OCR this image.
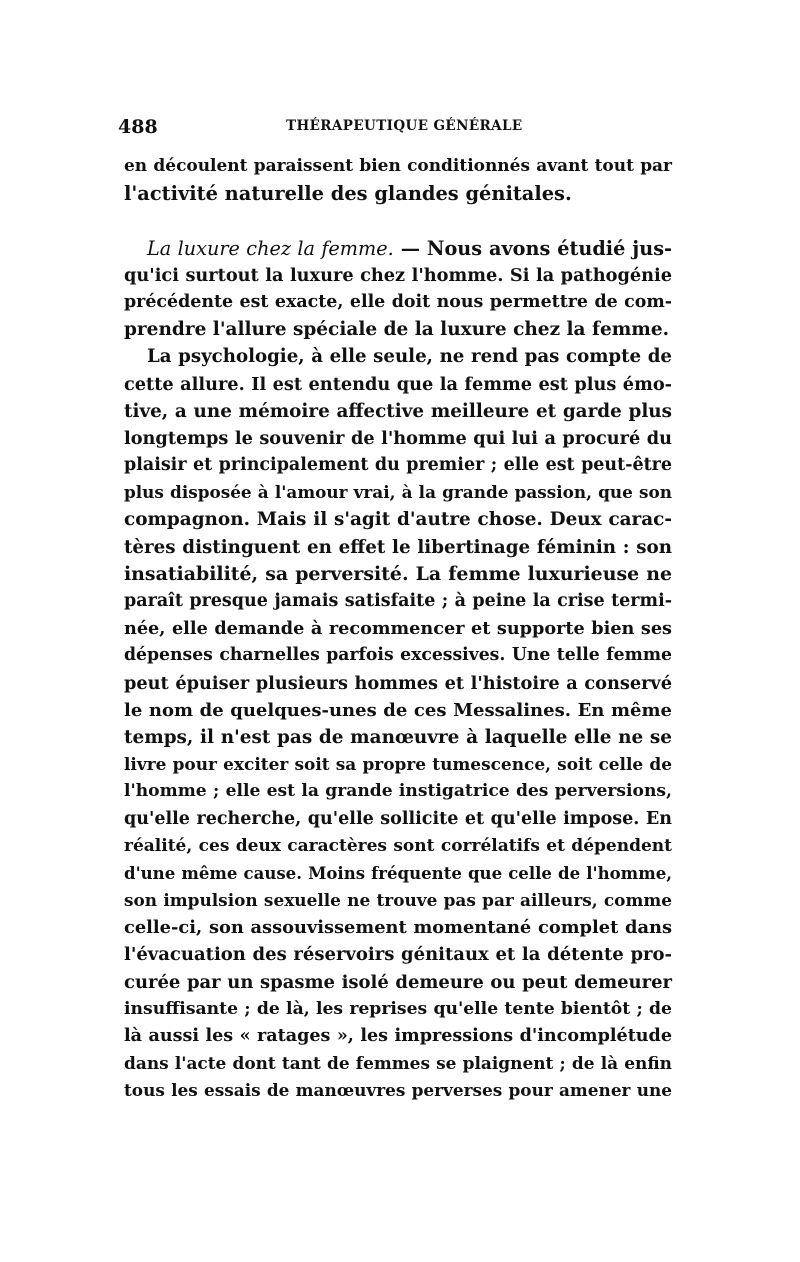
488	THÉRAPEUTIQUE GÉNÉRALE
en découlent paraissent bien conditionnés avant tout par
l'activité naturelle des glandes génitales.
La luxure chez la femme. — Nous avons étudié jus-
qu'ici surtout la luxure chez l'homme. Si la pathogénie
précédente est exacte, elle doit nous permettre de com-
prendre l'allure spéciale de la luxure chez la femme.
La psychologie, à elle seule, ne rend pas compte de
cette allure. Il est entendu que la femme est plus émo-
tive, a une mémoire affective meilleure et garde plus
longtemps le souvenir de l'homme qui lui a procuré du
plaisir et principalement du premier ; elle est peut-être
plus disposée à l'amour vrai, à la grande passion, que son
compagnon. Mais il s'agit d'autre chose. Deux carac-
tères distinguent en effet le libertinage féminin : son
insatiabilité, sa perversité. La femme luxurieuse ne
paraît presque jamais satisfaite ; à peine la crise termi-
née, elle demande à recommencer et supporte bien ses
dépenses charnelles parfois excessives. Une telle femme
peut épuiser plusieurs hommes et l'histoire a conservé
le nom de quelques-unes de ces Messalines. En même
temps, il n'est pas de manœuvre à laquelle elle ne se
livre pour exciter soit sa propre tumescence, soit celle de
l'homme ; elle est la grande instigatrice des perversions,
qu'elle recherche, qu'elle sollicite et qu'elle impose. En
réalité, ces deux caractères sont corrélatifs et dépendent
d'une même cause. Moins fréquente que celle de l'homme,
son impulsion sexuelle ne trouve pas par ailleurs, comme
celle-ci, son assouvissement momentané complet dans
l'évacuation des réservoirs génitaux et la détente pro-
curée par un spasme isolé demeure ou peut demeurer
insuffisante ; de là, les reprises qu'elle tente bientôt ; de
là aussi les « ratages », les impressions d'incomplétude
dans l'acte dont tant de femmes se plaignent ; de là enfin
tous les essais de manœuvres perverses pour amener une
